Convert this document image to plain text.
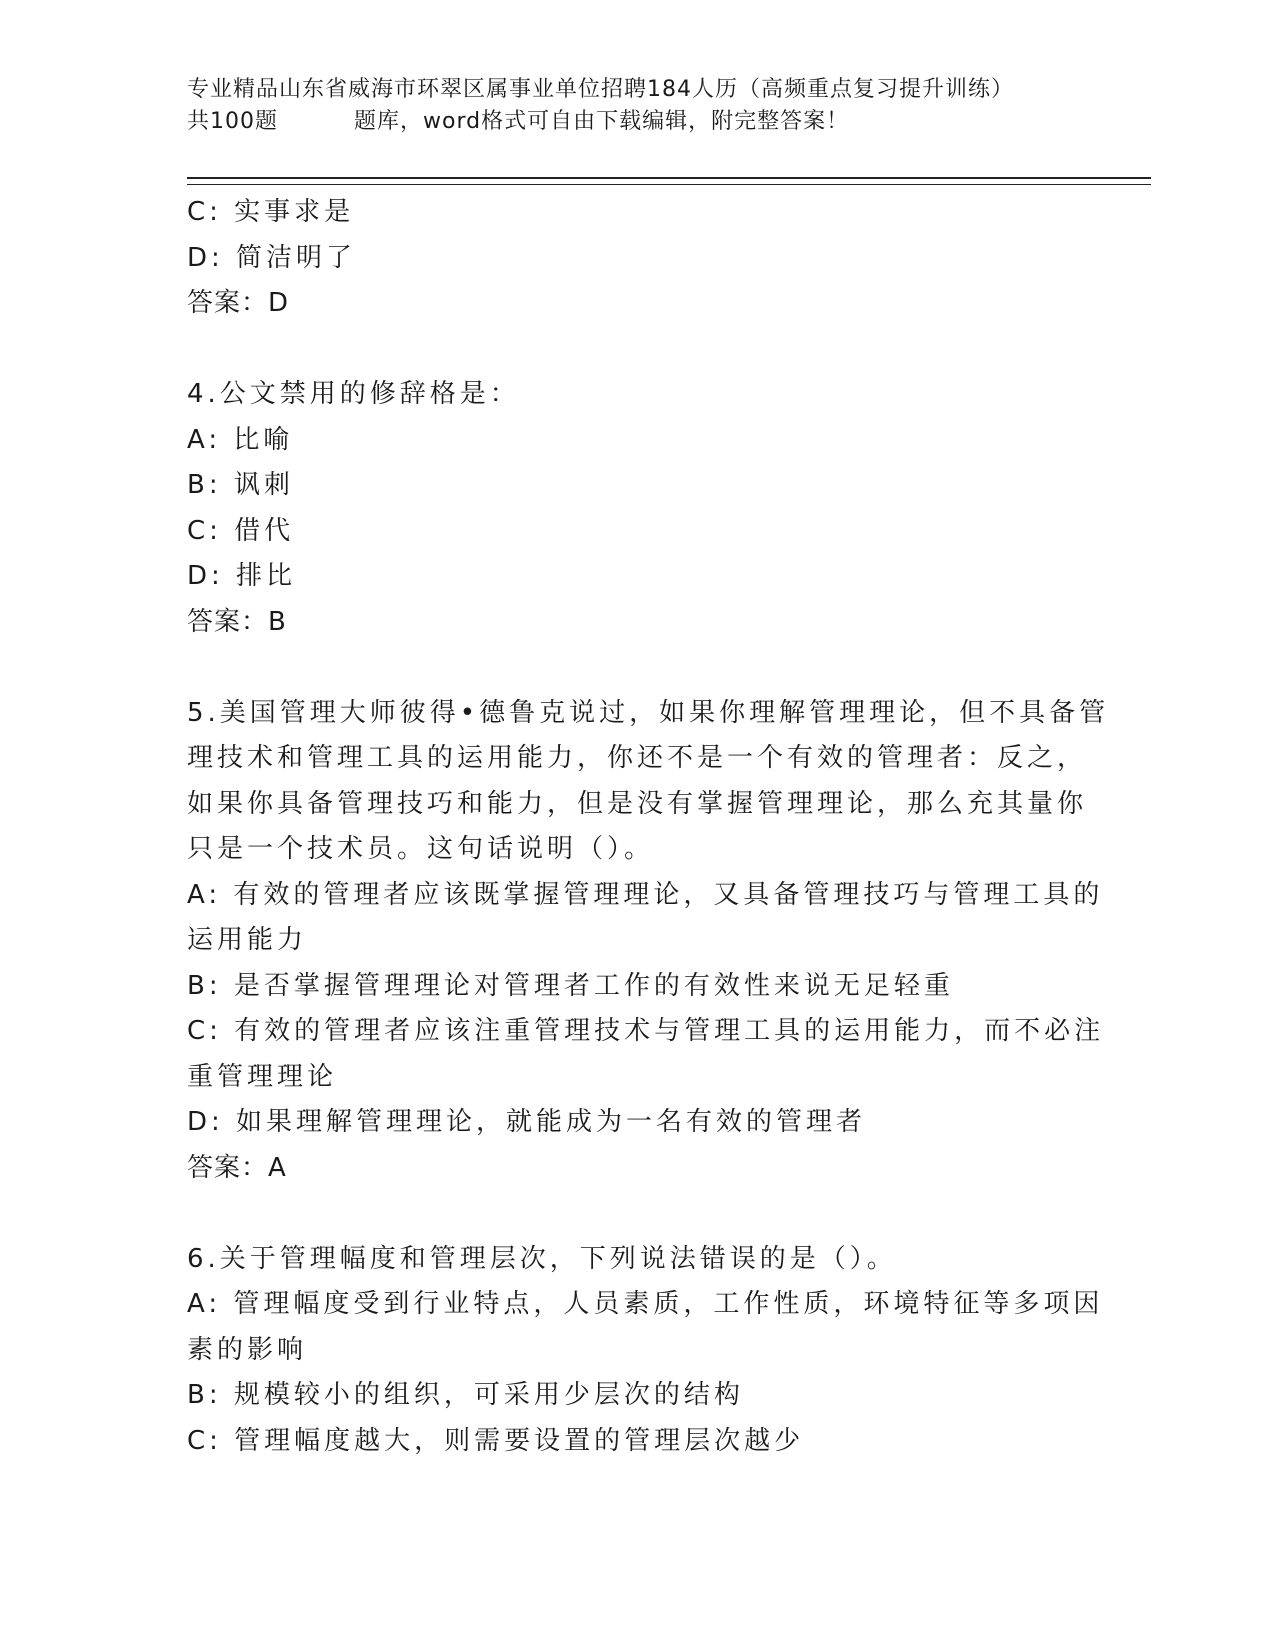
专业精品山东省威海市环翠区属事业单位招聘184人历（高频重点复习提升训练）
共100题	题库，word格式可自由下载编辑，附完整答案！
C: 实事求是
D: 简洁明了
答案：D
4.公文禁用的修辞格是：
A: 比喻
B: 讽刺
C: 借代
D: 排比
答案：B
5.美国管理大师彼得•德鲁克说过，如果你理解管理理论，但不具备管
理技术和管理工具的运用能力，你还不是一个有效的管理者：反之，
如果你具备管理技巧和能力，但是没有掌握管理理论，那么充其量你
只是一个技术员。这句话说明（）。
A: 有效的管理者应该既掌握管理理论，又具备管理技巧与管理工具的
运用能力
B: 是否掌握管理理论对管理者工作的有效性来说无足轻重
C: 有效的管理者应该注重管理技术与管理工具的运用能力，而不必注
重管理理论
D: 如果理解管理理论，就能成为一名有效的管理者
答案：A
6.关于管理幅度和管理层次，下列说法错误的是（）。
A: 管理幅度受到行业特点，人员素质，工作性质，环境特征等多项因
素的影响
B: 规模较小的组织，可采用少层次的结构
C: 管理幅度越大，则需要设置的管理层次越少
